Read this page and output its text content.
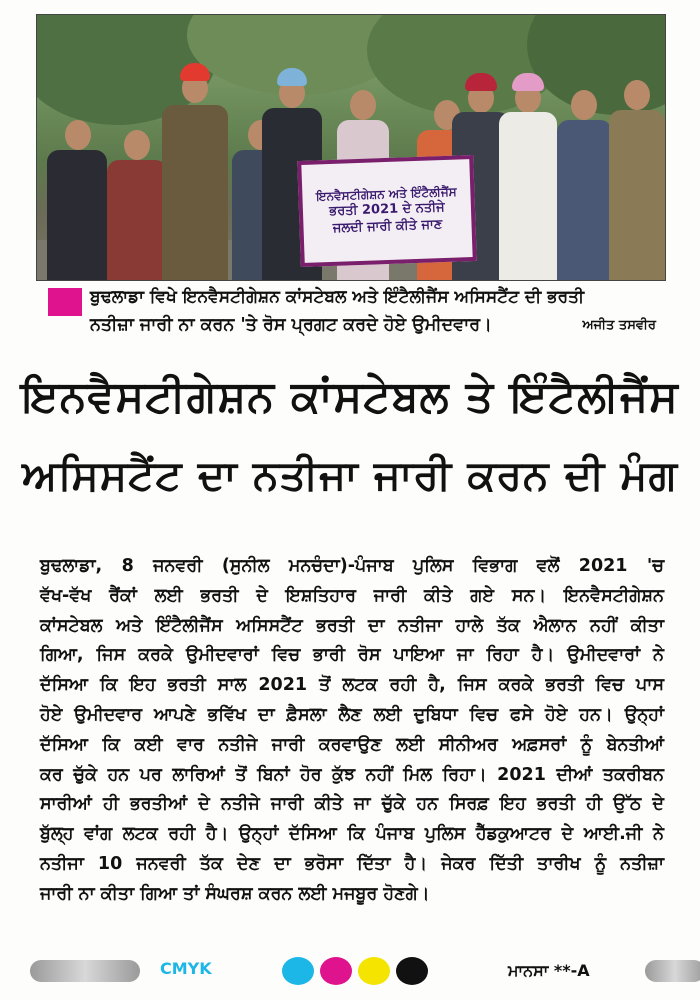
ਇਨਵੈਸਟੀਗੇਸ਼ਨ ਅਤੇ ਇੰਟੈਲੀਜੈਂਸ
ਭਰਤੀ 2021 ਦੇ ਨਤੀਜੇ
ਜਲਦੀ ਜਾਰੀ ਕੀਤੇ ਜਾਣ
ਬੁਢਲਾਡਾ ਵਿਖੇ ਇਨਵੈਸਟੀਗੇਸ਼ਨ ਕਾਂਸਟੇਬਲ ਅਤੇ ਇੰਟੈਲੀਜੈਂਸ ਅਸਿਸਟੈਂਟ ਦੀ ਭਰਤੀ
ਨਤੀਜ਼ਾ ਜਾਰੀ ਨਾ ਕਰਨ 'ਤੇ ਰੋਸ ਪ੍ਰਗਟ ਕਰਦੇ ਹੋਏ ਉਮੀਦਵਾਰ।	ਅਜੀਤ ਤਸਵੀਰ
ਇਨਵੈਸਟੀਗੇਸ਼ਨ ਕਾਂਸਟੇਬਲ ਤੇ ਇੰਟੈਲੀਜੈਂਸ
ਅਸਿਸਟੈਂਟ ਦਾ ਨਤੀਜਾ ਜਾਰੀ ਕਰਨ ਦੀ ਮੰਗ
ਬੁਢਲਾਡਾ, 8 ਜਨਵਰੀ (ਸੁਨੀਲ ਮਨਚੰਦਾ)-ਪੰਜਾਬ ਪੁਲਿਸ ਵਿਭਾਗ ਵਲੋਂ 2021 'ਚ
ਵੱਖ-ਵੱਖ ਰੈਂਕਾਂ ਲਈ ਭਰਤੀ ਦੇ ਇਸ਼ਤਿਹਾਰ ਜਾਰੀ ਕੀਤੇ ਗਏ ਸਨ। ਇਨਵੈਸਟੀਗੇਸ਼ਨ
ਕਾਂਸਟੇਬਲ ਅਤੇ ਇੰਟੈਲੀਜੈਂਸ ਅਸਿਸਟੈਂਟ ਭਰਤੀ ਦਾ ਨਤੀਜਾ ਹਾਲੇ ਤੱਕ ਐਲਾਨ ਨਹੀਂ ਕੀਤਾ
ਗਿਆ, ਜਿਸ ਕਰਕੇ ਉਮੀਦਵਾਰਾਂ ਵਿਚ ਭਾਰੀ ਰੋਸ ਪਾਇਆ ਜਾ ਰਿਹਾ ਹੈ। ਉਮੀਦਵਾਰਾਂ ਨੇ
ਦੱਸਿਆ ਕਿ ਇਹ ਭਰਤੀ ਸਾਲ 2021 ਤੋਂ ਲਟਕ ਰਹੀ ਹੈ, ਜਿਸ ਕਰਕੇ ਭਰਤੀ ਵਿਚ ਪਾਸ
ਹੋਏ ਉਮੀਦਵਾਰ ਆਪਣੇ ਭਵਿੱਖ ਦਾ ਫ਼ੈਸਲਾ ਲੈਣ ਲਈ ਦੁਬਿਧਾ ਵਿਚ ਫਸੇ ਹੋਏ ਹਨ। ਉਨ੍ਹਾਂ
ਦੱਸਿਆ ਕਿ ਕਈ ਵਾਰ ਨਤੀਜੇ ਜਾਰੀ ਕਰਵਾਉਣ ਲਈ ਸੀਨੀਅਰ ਅਫ਼ਸਰਾਂ ਨੂੰ ਬੇਨਤੀਆਂ
ਕਰ ਚੁੱਕੇ ਹਨ ਪਰ ਲਾਰਿਆਂ ਤੋਂ ਬਿਨਾਂ ਹੋਰ ਕੁੱਝ ਨਹੀਂ ਮਿਲ ਰਿਹਾ। 2021 ਦੀਆਂ ਤਕਰੀਬਨ
ਸਾਰੀਆਂ ਹੀ ਭਰਤੀਆਂ ਦੇ ਨਤੀਜੇ ਜਾਰੀ ਕੀਤੇ ਜਾ ਚੁੱਕੇ ਹਨ ਸਿਰਫ਼ ਇਹ ਭਰਤੀ ਹੀ ਉੱਠ ਦੇ
ਬੁੱਲ੍ਹ ਵਾਂਗ ਲਟਕ ਰਹੀ ਹੈ। ਉਨ੍ਹਾਂ ਦੱਸਿਆ ਕਿ ਪੰਜਾਬ ਪੁਲਿਸ ਹੈੱਡਕੁਆਟਰ ਦੇ ਆਈ.ਜੀ ਨੇ
ਨਤੀਜਾ 10 ਜਨਵਰੀ ਤੱਕ ਦੇਣ ਦਾ ਭਰੋਸਾ ਦਿੱਤਾ ਹੈ। ਜੇਕਰ ਦਿੱਤੀ ਤਾਰੀਖ ਨੂੰ ਨਤੀਜ਼ਾ
ਜਾਰੀ ਨਾ ਕੀਤਾ ਗਿਆ ਤਾਂ ਸੰਘਰਸ਼ ਕਰਨ ਲਈ ਮਜਬੂਰ ਹੋਣਗੇ।
CMYK	ਮਾਨਸਾ **-A
